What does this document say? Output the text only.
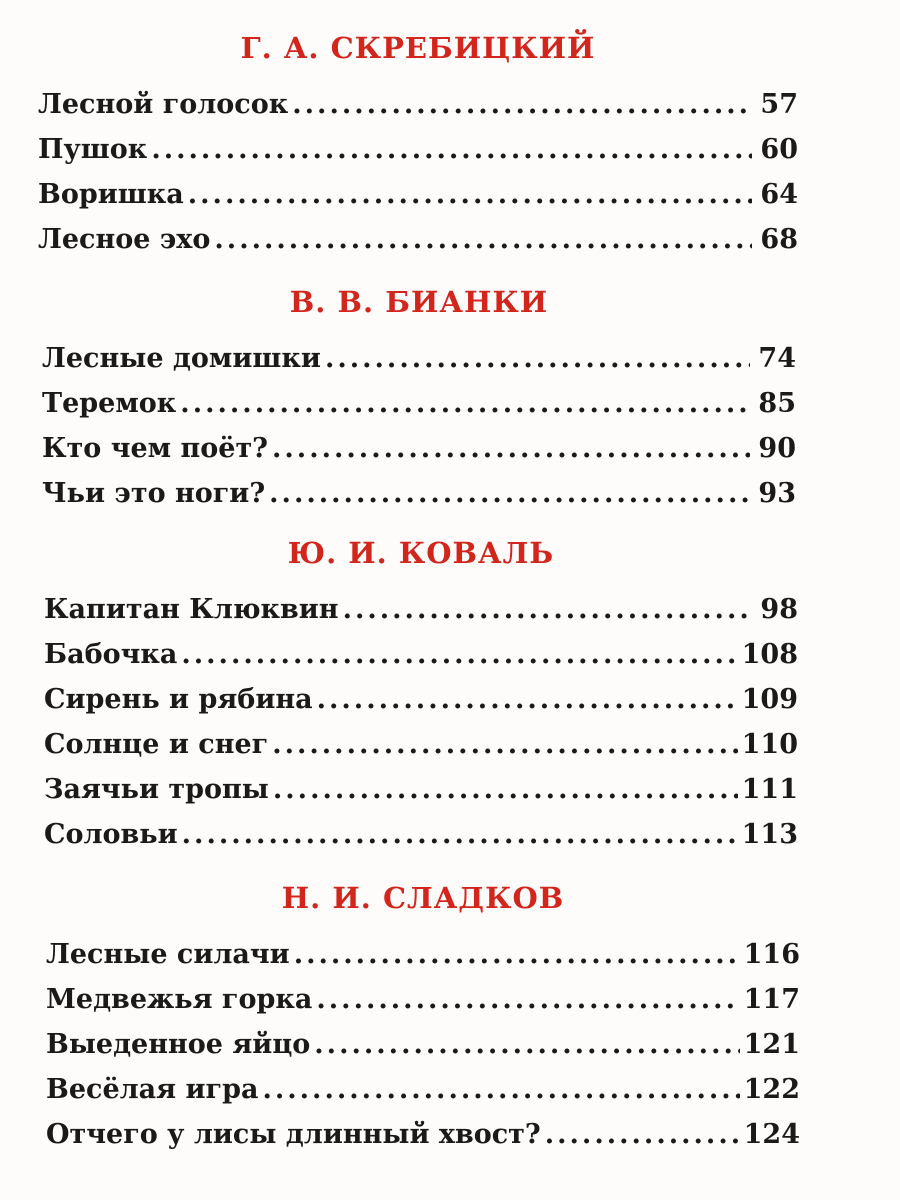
Г. А. СКРЕБИЦКИЙ
Лесной голосок .....	57
Пушок .....	60
Воришка .....	64
Лесное эхо .....	68
В. В. БИАНКИ
Лесные домишки .....	74
Теремок .....	85
Кто чем поёт? .....	90
Чьи это ноги? .....	93
Ю. И. КОВАЛЬ
Капитан Клюквин .....	98
Бабочка .....	108
Сирень и рябина .....	109
Солнце и снег .....	110
Заячьи тропы .....	111
Соловьи .....	113
Н. И. СЛАДКОВ
Лесные силачи .....	116
Медвежья горка .....	117
Выеденное яйцо .....	121
Весёлая игра .....	122
Отчего у лисы длинный хвост? .....	124
